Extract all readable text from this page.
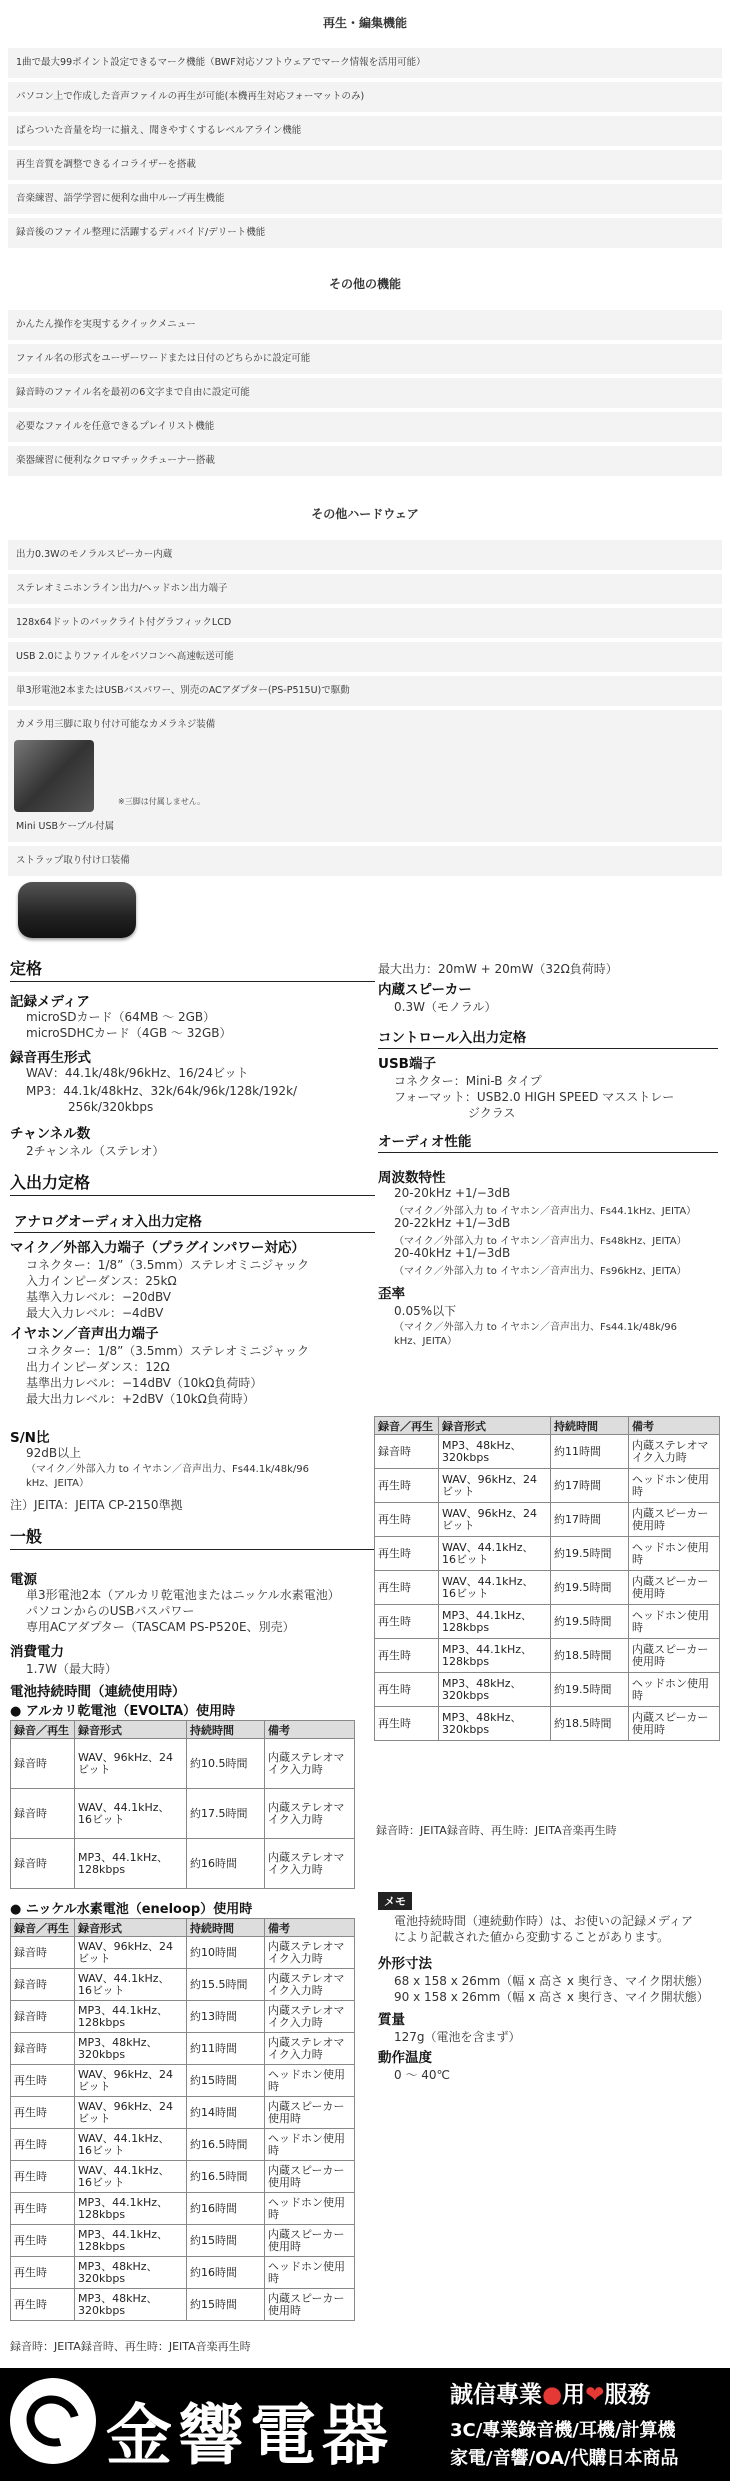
再生・編集機能
1曲で最大99ポイント設定できるマーク機能（BWF対応ソフトウェアでマーク情報を活用可能）
パソコン上で作成した音声ファイルの再生が可能(本機再生対応フォーマットのみ)
ばらついた音量を均一に揃え、聞きやすくするレベルアライン機能
再生音質を調整できるイコライザーを搭載
音楽練習、語学学習に便利な曲中ループ再生機能
録音後のファイル整理に活躍するディバイド/デリート機能
その他の機能
かんたん操作を実現するクイックメニュー
ファイル名の形式をユーザーワードまたは日付のどちらかに設定可能
録音時のファイル名を最初の6文字まで自由に設定可能
必要なファイルを任意できるプレイリスト機能
楽器練習に便利なクロマチックチューナー搭載
その他ハードウェア
出力0.3Wのモノラルスピーカー内蔵
ステレオミニホンライン出力/ヘッドホン出力端子
128x64ドットのバックライト付グラフィックLCD
USB 2.0によりファイルをパソコンへ高速転送可能
単3形電池2本またはUSBバスパワー、別売のACアダプター(PS-P515U)で駆動
カメラ用三脚に取り付け可能なカメラネジ装備
※三脚は付属しません。
Mini USBケーブル付属
ストラップ取り付け口装備
定格
記録メディア
microSDカード（64MB 〜 2GB）
microSDHCカード（4GB 〜 32GB）
録音再生形式
WAV：44.1k/48k/96kHz、16/24ビット
MP3：44.1k/48kHz、32k/64k/96k/128k/192k/
256k/320kbps
チャンネル数
2チャンネル（ステレオ）
入出力定格
アナログオーディオ入出力定格
マイク／外部入力端子（プラグインパワー対応）
コネクター：1/8”（3.5mm）ステレオミニジャック
入力インピーダンス：25kΩ
基準入力レベル：−20dBV
最大入力レベル：−4dBV
イヤホン／音声出力端子
コネクター：1/8”（3.5mm）ステレオミニジャック
出力インピーダンス：12Ω
基準出力レベル：−14dBV（10kΩ負荷時）
最大出力レベル：+2dBV（10kΩ負荷時）
S/N比
92dB以上
（マイク／外部入力 to イヤホン／音声出力、Fs44.1k/48k/96
kHz、JEITA）
注）JEITA：JEITA CP-2150準拠
一般
電源
単3形電池2本（アルカリ乾電池またはニッケル水素電池）
パソコンからのUSBバスパワー
専用ACアダプター（TASCAM PS-P520E、別売）
消費電力
1.7W（最大時）
電池持続時間（連続使用時）
● アルカリ乾電池（EVOLTA）使用時
録音／再生	録音形式	持続時間	備考
録音時	WAV、96kHz、24ビット	約10.5時間	内蔵ステレオマイク入力時
録音時	WAV、44.1kHz、16ビット	約17.5時間	内蔵ステレオマイク入力時
録音時	MP3、44.1kHz、128kbps	約16時間	内蔵ステレオマイク入力時
● ニッケル水素電池（eneloop）使用時
録音／再生	録音形式	持続時間	備考
録音時	WAV、96kHz、24ビット	約10時間	内蔵ステレオマイク入力時
録音時	WAV、44.1kHz、16ビット	約15.5時間	内蔵ステレオマイク入力時
録音時	MP3、44.1kHz、128kbps	約13時間	内蔵ステレオマイク入力時
録音時	MP3、48kHz、320kbps	約11時間	内蔵ステレオマイク入力時
再生時	WAV、96kHz、24ビット	約15時間	ヘッドホン使用時
再生時	WAV、96kHz、24ビット	約14時間	内蔵スピーカー使用時
再生時	WAV、44.1kHz、16ビット	約16.5時間	ヘッドホン使用時
再生時	WAV、44.1kHz、16ビット	約16.5時間	内蔵スピーカー使用時
再生時	MP3、44.1kHz、128kbps	約16時間	ヘッドホン使用時
再生時	MP3、44.1kHz、128kbps	約15時間	内蔵スピーカー使用時
再生時	MP3、48kHz、320kbps	約16時間	ヘッドホン使用時
再生時	MP3、48kHz、320kbps	約15時間	内蔵スピーカー使用時
録音時：JEITA録音時、再生時：JEITA音楽再生時
最大出力：20mW + 20mW（32Ω負荷時）
内蔵スピーカー
0.3W（モノラル）
コントロール入出力定格
USB端子
コネクター：Mini-B タイプ
フォーマット：USB2.0 HIGH SPEED マスストレー
ジクラス
オーディオ性能
周波数特性
20-20kHz +1/−3dB
（マイク／外部入力 to イヤホン／音声出力、Fs44.1kHz、JEITA）
20-22kHz +1/−3dB
（マイク／外部入力 to イヤホン／音声出力、Fs48kHz、JEITA）
20-40kHz +1/−3dB
（マイク／外部入力 to イヤホン／音声出力、Fs96kHz、JEITA）
歪率
0.05%以下
（マイク／外部入力 to イヤホン／音声出力、Fs44.1k/48k/96
kHz、JEITA）
録音／再生	録音形式	持続時間	備考
録音時	MP3、48kHz、320kbps	約11時間	内蔵ステレオマイク入力時
再生時	WAV、96kHz、24ビット	約17時間	ヘッドホン使用時
再生時	WAV、96kHz、24ビット	約17時間	内蔵スピーカー使用時
再生時	WAV、44.1kHz、16ビット	約19.5時間	ヘッドホン使用時
再生時	WAV、44.1kHz、16ビット	約19.5時間	内蔵スピーカー使用時
再生時	MP3、44.1kHz、128kbps	約19.5時間	ヘッドホン使用時
再生時	MP3、44.1kHz、128kbps	約18.5時間	内蔵スピーカー使用時
再生時	MP3、48kHz、320kbps	約19.5時間	ヘッドホン使用時
再生時	MP3、48kHz、320kbps	約18.5時間	内蔵スピーカー使用時
録音時：JEITA録音時、再生時：JEITA音楽再生時
メモ
電池持続時間（連続動作時）は、お使いの記録メディア
により記載された値から変動することがあります。
外形寸法
68 x 158 x 26mm（幅 x 高さ x 奥行き、マイク閉状態）
90 x 158 x 26mm（幅 x 高さ x 奥行き、マイク開状態）
質量
127g（電池を含まず）
動作温度
0 〜 40℃
金響電器
誠信專業●用❤服務
3C/專業錄音機/耳機/計算機
家電/音響/OA/代購日本商品
